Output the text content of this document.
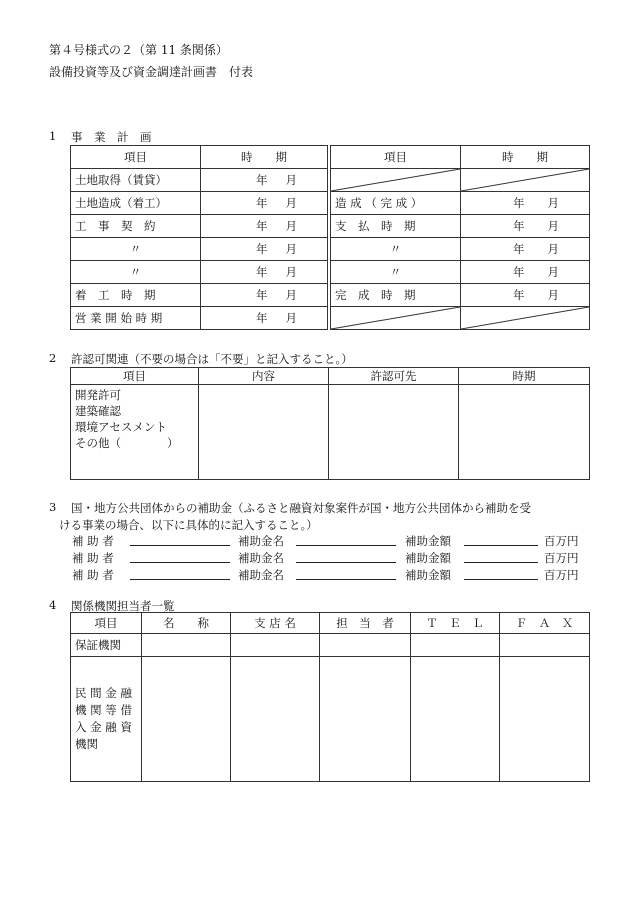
第４号様式の２（第 11 条関係）
設備投資等及び資金調達計画書　付表
1 事　業　計　画
項目	時　　期		項目	時　　期
土地取得（賃貸）	年 月

土地造成（着工）	年 月		造 成 （ 完 成 ）	年 月

工　事　契　約	年 月		支　払　時　期	年 月

〃	年 月		〃	年 月

〃	年 月		〃	年 月

着　工　時　期	年 月		完　成　時　期	年 月

営 業 開 始 時 期	年 月

2 許認可関連（不要の場合は「不要」と記入すること。）
項目	内容	許認可先	時期

開発許可
建築確認
環境アセスメント
その他（　　　　）			

3 国・地方公共団体からの補助金（ふるさと融資対象案件が国・地方公共団体から補助を受
ける事業の場合、以下に具体的に記入すること。）
補 助 者	補助金名	補助金額	百万円
補 助 者	補助金名	補助金額	百万円
補 助 者	補助金名	補助金額	百万円
4 関係機関担当者一覧
項目	名　　称	支 店 名	担　当　者	Ｔ　Ｅ　Ｌ	Ｆ　Ａ　Ｘ
保証機関					

民 間 金 融
機 関 等 借
入 金 融 資
機関					
